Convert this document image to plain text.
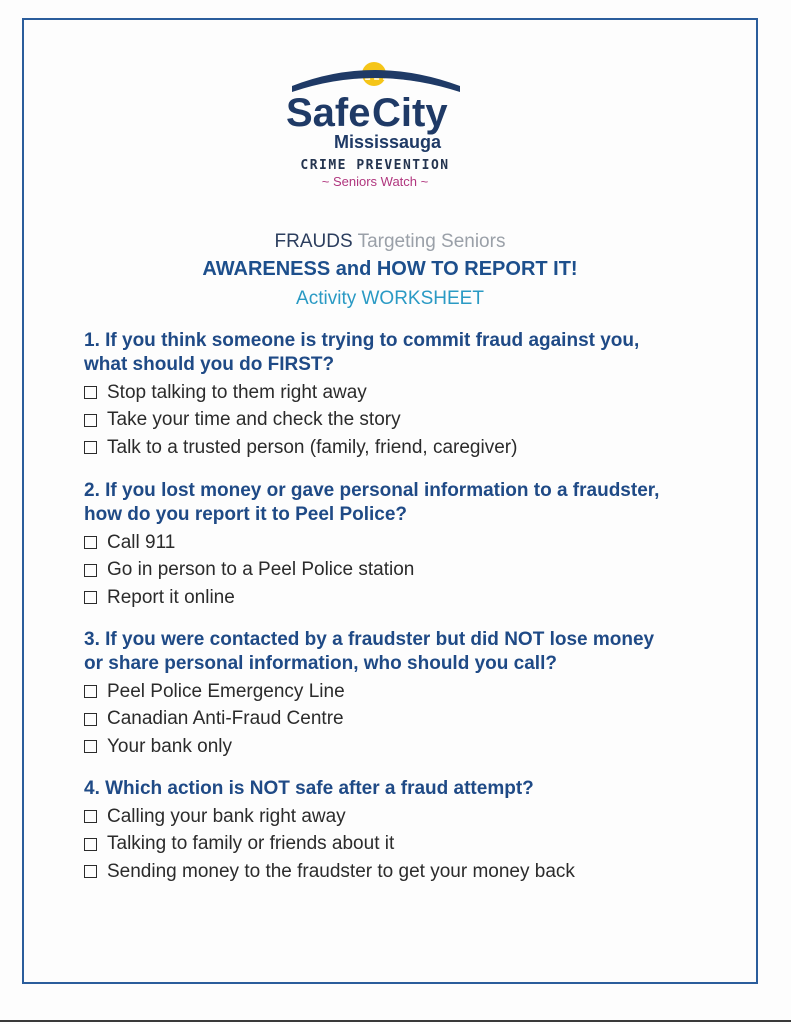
Safe City
Mississauga
CRIME PREVENTION
~ Seniors Watch ~
FRAUDS Targeting Seniors
AWARENESS and HOW TO REPORT IT!
Activity WORKSHEET
1. If you think someone is trying to commit fraud against you,
what should you do FIRST?
Stop talking to them right away
Take your time and check the story
Talk to a trusted person (family, friend, caregiver)
2. If you lost money or gave personal information to a fraudster,
how do you report it to Peel Police?
Call 911
Go in person to a Peel Police station
Report it online
3. If you were contacted by a fraudster but did NOT lose money
or share personal information, who should you call?
Peel Police Emergency Line
Canadian Anti-Fraud Centre
Your bank only
4. Which action is NOT safe after a fraud attempt?
Calling your bank right away
Talking to family or friends about it
Sending money to the fraudster to get your money back
